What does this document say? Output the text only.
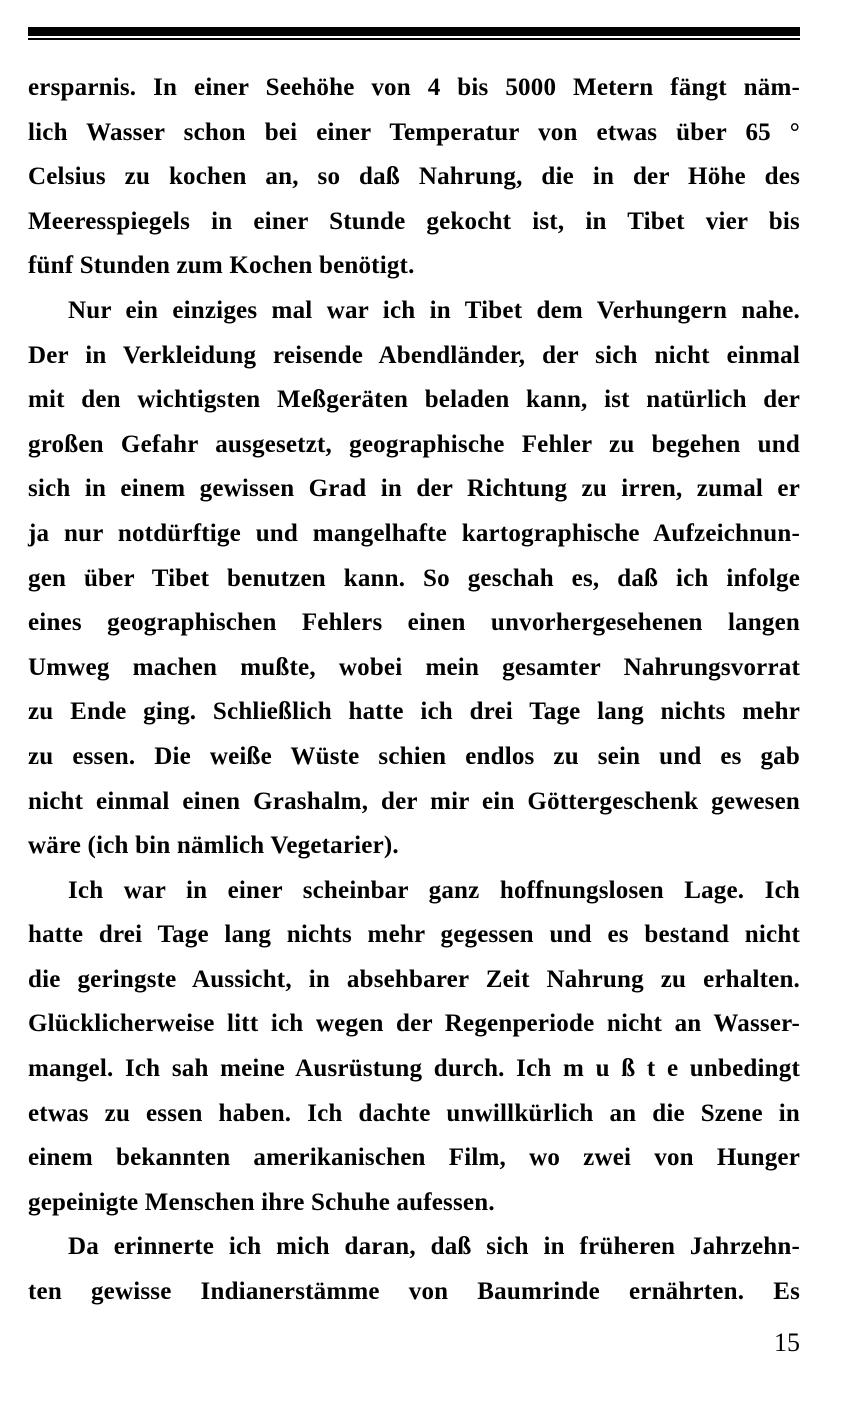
ersparnis. In einer Seehöhe von 4 bis 5000 Metern fängt näm-
lich Wasser schon bei einer Temperatur von etwas über 65 °
Celsius zu kochen an, so daß Nahrung, die in der Höhe des
Meeresspiegels in einer Stunde gekocht ist, in Tibet vier bis
fünf Stunden zum Kochen benötigt.
Nur ein einziges mal war ich in Tibet dem Verhungern nahe.
Der in Verkleidung reisende Abendländer, der sich nicht einmal
mit den wichtigsten Meßgeräten beladen kann, ist natürlich der
großen Gefahr ausgesetzt, geographische Fehler zu begehen und
sich in einem gewissen Grad in der Richtung zu irren, zumal er
ja nur notdürftige und mangelhafte kartographische Aufzeichnun-
gen über Tibet benutzen kann. So geschah es, daß ich infolge
eines geographischen Fehlers einen unvorhergesehenen langen
Umweg machen mußte, wobei mein gesamter Nahrungsvorrat
zu Ende ging. Schließlich hatte ich drei Tage lang nichts mehr
zu essen. Die weiße Wüste schien endlos zu sein und es gab
nicht einmal einen Grashalm, der mir ein Göttergeschenk gewesen
wäre (ich bin nämlich Vegetarier).
Ich war in einer scheinbar ganz hoffnungslosen Lage. Ich
hatte drei Tage lang nichts mehr gegessen und es bestand nicht
die geringste Aussicht, in absehbarer Zeit Nahrung zu erhalten.
Glücklicherweise litt ich wegen der Regenperiode nicht an Wasser-
mangel. Ich sah meine Ausrüstung durch. Ich m u ß t e unbedingt
etwas zu essen haben. Ich dachte unwillkürlich an die Szene in
einem bekannten amerikanischen Film, wo zwei von Hunger
gepeinigte Menschen ihre Schuhe aufessen.
Da erinnerte ich mich daran, daß sich in früheren Jahrzehn-
ten gewisse Indianerstämme von Baumrinde ernährten. Es
15
